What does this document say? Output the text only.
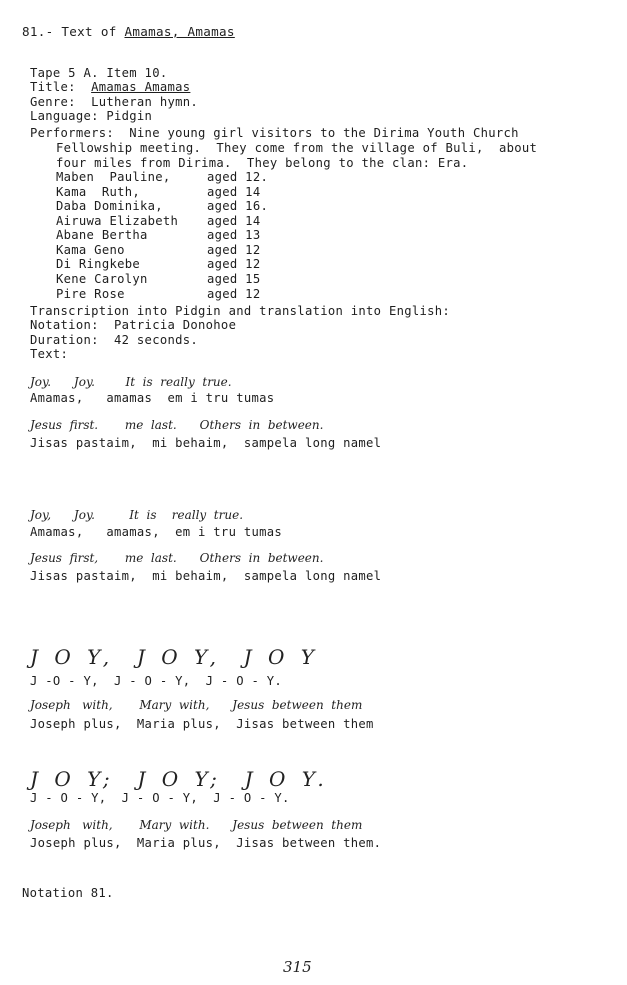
81.- Text of Amamas, Amamas
Tape 5 A. Item 10.
Title: Amamas Amamas
Genre:  Lutheran hymn.
Language: Pidgin
Performers:  Nine young girl visitors to the Dirima Youth Church
Fellowship meeting.  They come from the village of Buli,  about
four miles from Dirima.  They belong to the clan: Era.
Maben  Pauline,	aged 12.
Kama  Ruth,	aged 14
Daba Dominika,	aged 16.
Airuwa Elizabeth aged 14
Abane Bertha	aged 13
Kama Geno	aged 12
Di Ringkebe	aged 12
Kene Carolyn	aged 15
Pire Rose	aged 12
Transcription into Pidgin and translation into English:
Notation:  Patricia Donohoe
Duration:  42 seconds.
Text:
Joy.      Joy.        It  is  really  true.
Amamas,   amamas  em i tru tumas
Jesus  first.       me  last.      Others  in  between.
Jisas pastaim,  mi behaim,  sampela long namel
Joy,      Joy.         It  is    really  true.
Amamas,   amamas,  em i tru tumas
Jesus  first,       me  last.      Others  in  between.
Jisas pastaim,  mi behaim,  sampela long namel
J O Y,  J O Y,  J O Y
J -O - Y,  J - O - Y,  J - O - Y.
Joseph   with,       Mary  with,      Jesus  between  them
Joseph plus,  Maria plus,  Jisas between them
J O Y;  J O Y;  J O Y.
J - O - Y,  J - O - Y,  J - O - Y.
Joseph   with,       Mary  with.      Jesus  between  them
Joseph plus,  Maria plus,  Jisas between them.
Notation 81.
315
